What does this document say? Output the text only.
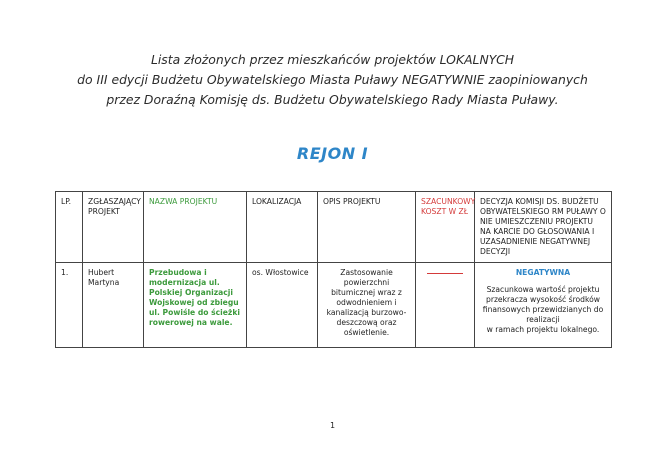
Lista złożonych przez mieszkańców projektów LOKALNYCH
do III edycji Budżetu Obywatelskiego Miasta Puławy NEGATYWNIE zaopiniowanych
przez Doraźną Komisję ds. Budżetu Obywatelskiego Rady Miasta Puławy.
REJON I
LP.	ZGŁASZAJĄCY PROJEKT	NAZWA PROJEKTU	LOKALIZACJA	OPIS PROJEKTU	SZACUNKOWY KOSZT W ZŁ	DECYZJA KOMISJI DS. BUDŻETU OBYWATELSKIEGO RM PUŁAWY O NIE UMIESZCZENIU PROJEKTU NA KARCIE DO GŁOSOWANIA I UZASADNIENIE NEGATYWNEJ DECYZJI
1.	Hubert Martyna	Przebudowa i modernizacja ul. Polskiej Organizacji Wojskowej od zbiegu ul. Powiśle do ścieżki rowerowej na wale.	os. Włostowice	Zastosowanie powierzchni bitumicznej wraz z odwodnieniem i kanalizacją burzowo-deszczową oraz oświetlenie.		NEGATYWNA
Szacunkowa wartość projektu przekracza wysokość środków finansowych przewidzianych do realizacji
w ramach projektu lokalnego.
1
